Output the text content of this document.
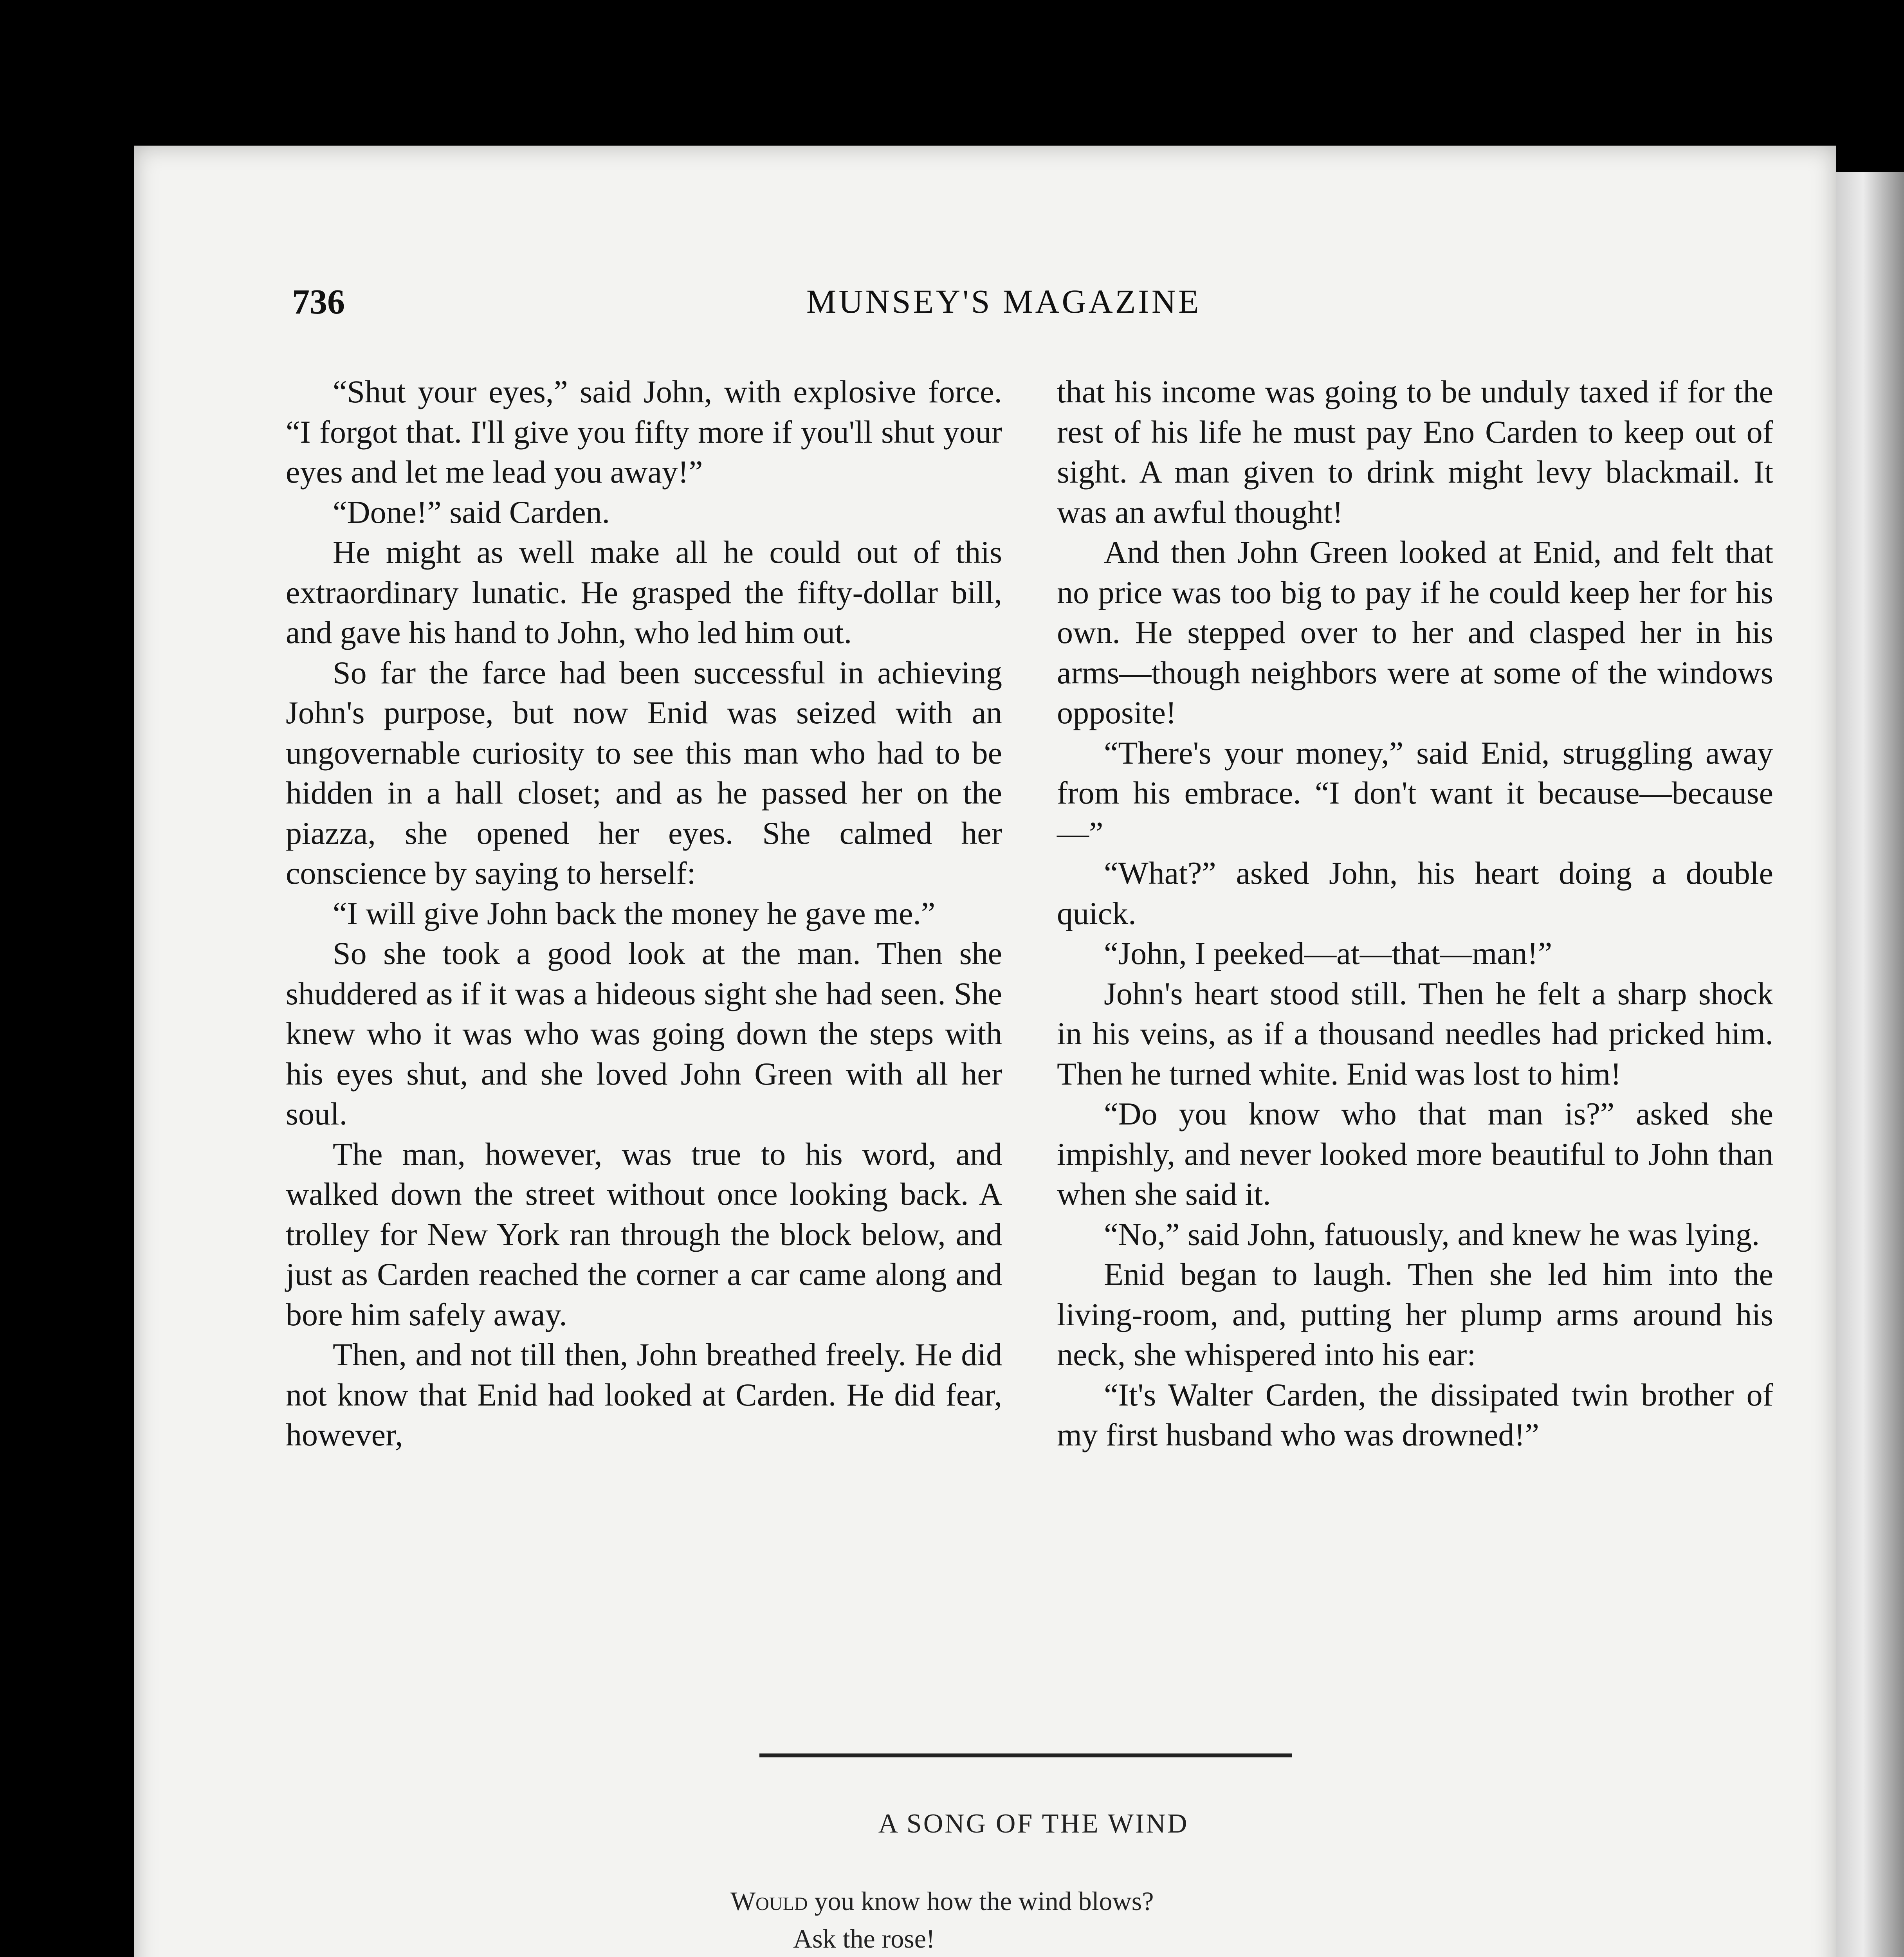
736	MUNSEY'S MAGAZINE

“Shut your eyes,” said John, with explosive force. “I forgot that. I'll give you fifty more if you'll shut your eyes and let me lead you away!”

“Done!” said Carden.

He might as well make all he could out of this extraordinary lunatic. He grasped the fifty-dollar bill, and gave his hand to John, who led him out.

So far the farce had been successful in achieving John's purpose, but now Enid was seized with an ungovernable curiosity to see this man who had to be hidden in a hall closet; and as he passed her on the piazza, she opened her eyes. She calmed her conscience by saying to herself:

“I will give John back the money he gave me.”

So she took a good look at the man. Then she shuddered as if it was a hideous sight she had seen. She knew who it was who was going down the steps with his eyes shut, and she loved John Green with all her soul.

The man, however, was true to his word, and walked down the street without once looking back. A trolley for New York ran through the block below, and just as Carden reached the corner a car came along and bore him safely away.

Then, and not till then, John breathed freely. He did not know that Enid had looked at Carden. He did fear, however,

that his income was going to be unduly taxed if for the rest of his life he must pay Eno Carden to keep out of sight. A man given to drink might levy blackmail. It was an awful thought!

And then John Green looked at Enid, and felt that no price was too big to pay if he could keep her for his own. He stepped over to her and clasped her in his arms—though neighbors were at some of the windows opposite!

“There's your money,” said Enid, struggling away from his embrace. “I don't want it because—because—”

“What?” asked John, his heart doing a double quick.

“John, I peeked—at—that—man!”

John's heart stood still. Then he felt a sharp shock in his veins, as if a thousand needles had pricked him. Then he turned white. Enid was lost to him!

“Do you know who that man is?” asked she impishly, and never looked more beautiful to John than when she said it.

“No,” said John, fatuously, and knew he was lying.

Enid began to laugh. Then she led him into the living-room, and, putting her plump arms around his neck, she whispered into his ear:

“It's Walter Carden, the dissipated twin brother of my first husband who was drowned!”

A SONG OF THE WIND
Would you know how the wind blows?
Ask the rose!
